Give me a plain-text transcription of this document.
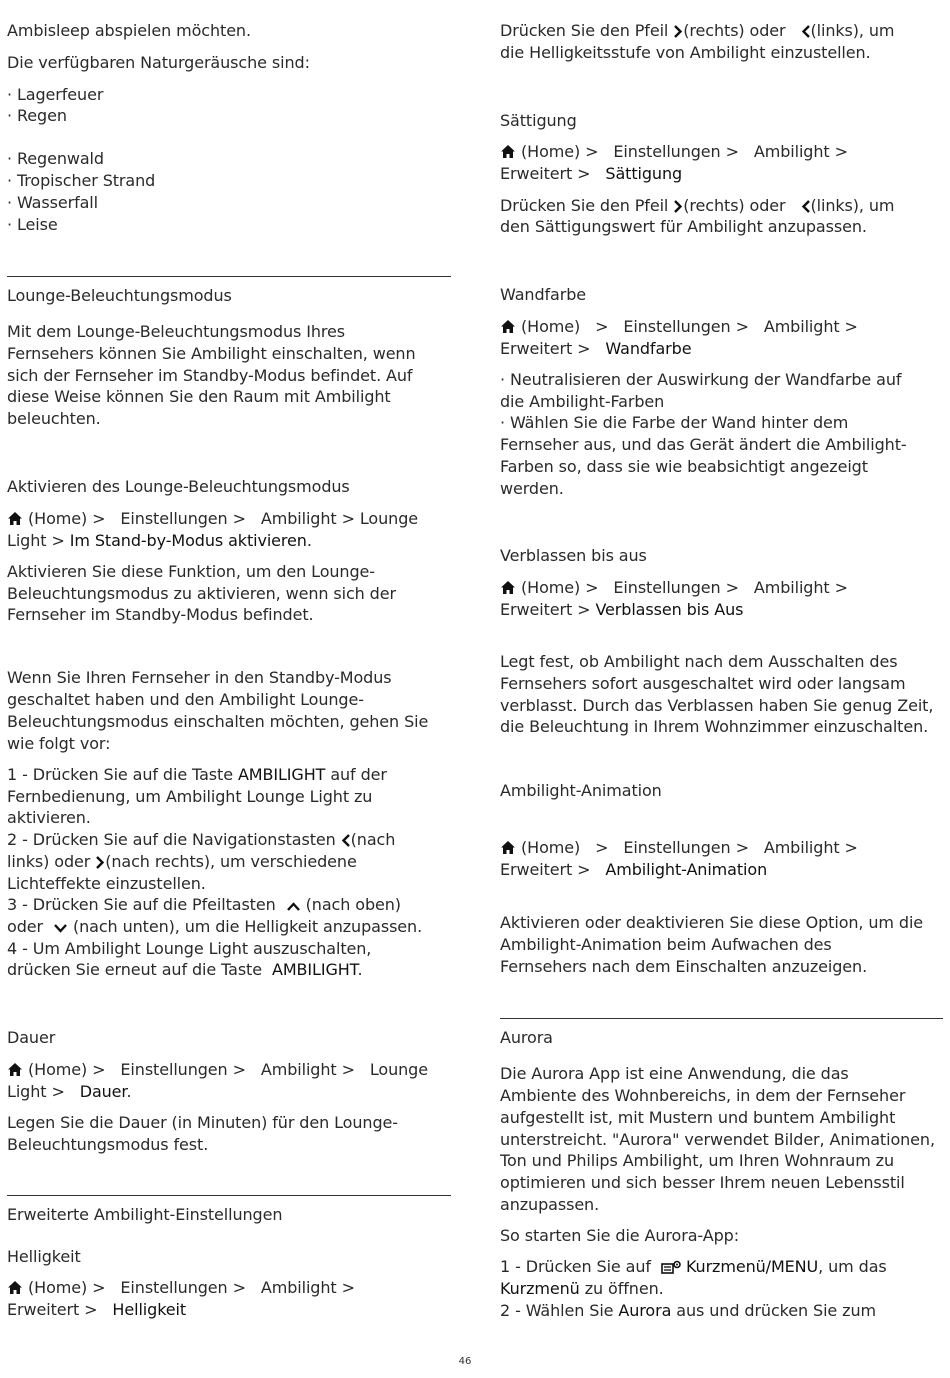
Ambisleep abspielen möchten.
Die verfügbaren Naturgeräusche sind:
· Lagerfeuer
· Regen
· Regenwald
· Tropischer Strand
· Wasserfall
· Leise
Lounge-Beleuchtungsmodus
Mit dem Lounge-Beleuchtungsmodus Ihres
Fernsehers können Sie Ambilight einschalten, wenn
sich der Fernseher im Standby-Modus befindet. Auf
diese Weise können Sie den Raum mit Ambilight
beleuchten.
Aktivieren des Lounge-Beleuchtungsmodus
(Home) > Einstellungen > Ambilight > Lounge
Light > Im Stand-by-Modus aktivieren.
Aktivieren Sie diese Funktion, um den Lounge-
Beleuchtungsmodus zu aktivieren, wenn sich der
Fernseher im Standby-Modus befindet.
Wenn Sie Ihren Fernseher in den Standby-Modus
geschaltet haben und den Ambilight Lounge-
Beleuchtungsmodus einschalten möchten, gehen Sie
wie folgt vor:
1 - Drücken Sie auf die Taste AMBILIGHT auf der
Fernbedienung, um Ambilight Lounge Light zu
aktivieren.
2 - Drücken Sie auf die Navigationstasten (nach
links) oder (nach rechts), um verschiedene
Lichteffekte einzustellen.
3 - Drücken Sie auf die Pfeiltasten   (nach oben)
oder   (nach unten), um die Helligkeit anzupassen.
4 - Um Ambilight Lounge Light auszuschalten,
drücken Sie erneut auf die Taste  AMBILIGHT.
Dauer
(Home) > Einstellungen > Ambilight > Lounge
Light > Dauer.
Legen Sie die Dauer (in Minuten) für den Lounge-
Beleuchtungsmodus fest.
Erweiterte Ambilight-Einstellungen
Helligkeit
(Home) > Einstellungen > Ambilight >
Erweitert > Helligkeit
Drücken Sie den Pfeil (rechts) oder   (links), um
die Helligkeitsstufe von Ambilight einzustellen.
Sättigung
(Home) > Einstellungen > Ambilight >
Erweitert > Sättigung
Drücken Sie den Pfeil (rechts) oder   (links), um
den Sättigungswert für Ambilight anzupassen.
Wandfarbe
(Home) > Einstellungen > Ambilight >
Erweitert > Wandfarbe
· Neutralisieren der Auswirkung der Wandfarbe auf
die Ambilight-Farben
· Wählen Sie die Farbe der Wand hinter dem
Fernseher aus, und das Gerät ändert die Ambilight-
Farben so, dass sie wie beabsichtigt angezeigt
werden.
Verblassen bis aus
(Home) > Einstellungen > Ambilight >
Erweitert > Verblassen bis Aus
Legt fest, ob Ambilight nach dem Ausschalten des
Fernsehers sofort ausgeschaltet wird oder langsam
verblasst. Durch das Verblassen haben Sie genug Zeit,
die Beleuchtung in Ihrem Wohnzimmer einzuschalten.
Ambilight-Animation
(Home) > Einstellungen > Ambilight >
Erweitert > Ambilight-Animation
Aktivieren oder deaktivieren Sie diese Option, um die
Ambilight-Animation beim Aufwachen des
Fernsehers nach dem Einschalten anzuzeigen.
Aurora
Die Aurora App ist eine Anwendung, die das
Ambiente des Wohnbereichs, in dem der Fernseher
aufgestellt ist, mit Mustern und buntem Ambilight
unterstreicht. "Aurora" verwendet Bilder, Animationen,
Ton und Philips Ambilight, um Ihren Wohnraum zu
optimieren und sich besser Ihrem neuen Lebensstil
anzupassen.
So starten Sie die Aurora-App:
1 - Drücken Sie auf   Kurzmenü/MENU, um das
Kurzmenü zu öffnen.
2 - Wählen Sie Aurora aus und drücken Sie zum
46
